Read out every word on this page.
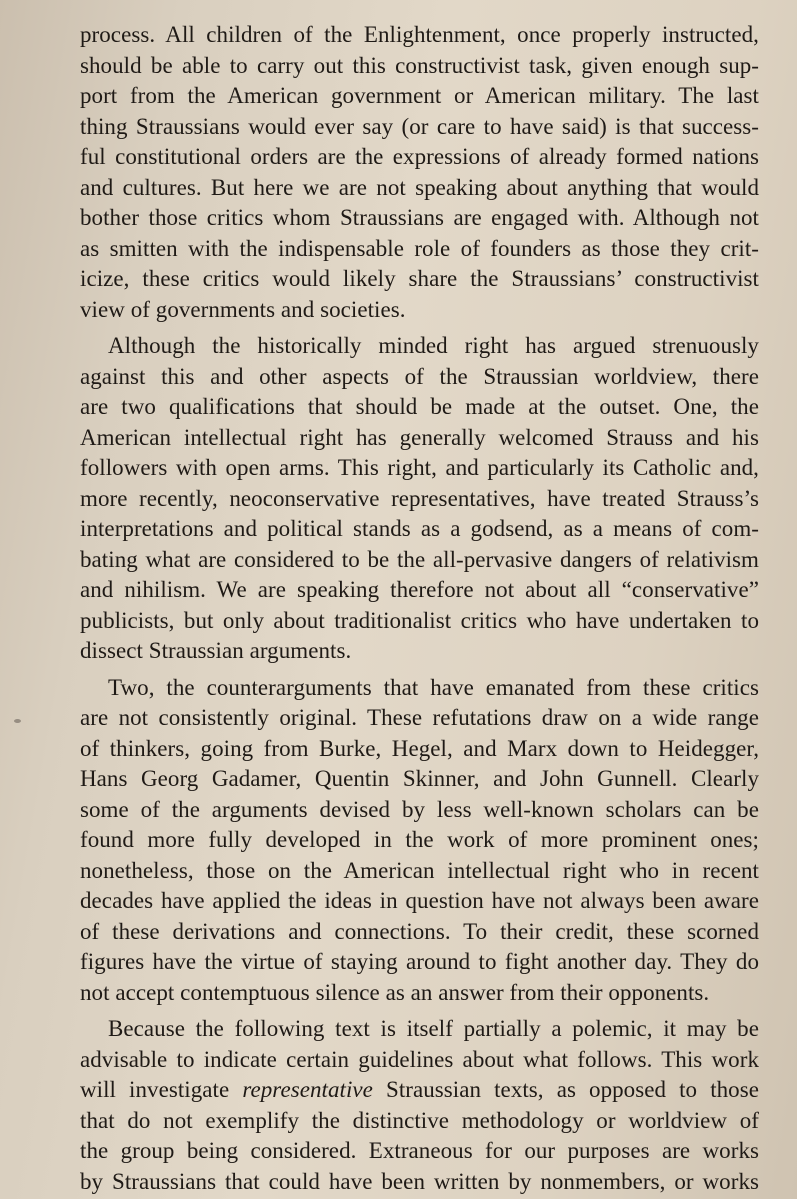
process. All children of the Enlightenment, once properly instructed,
should be able to carry out this constructivist task, given enough sup-
port from the American government or American military. The last
thing Straussians would ever say (or care to have said) is that success-
ful constitutional orders are the expressions of already formed nations
and cultures. But here we are not speaking about anything that would
bother those critics whom Straussians are engaged with. Although not
as smitten with the indispensable role of founders as those they crit-
icize, these critics would likely share the Straussians’ constructivist
view of governments and societies.
Although the historically minded right has argued strenuously
against this and other aspects of the Straussian worldview, there
are two qualifications that should be made at the outset. One, the
American intellectual right has generally welcomed Strauss and his
followers with open arms. This right, and particularly its Catholic and,
more recently, neoconservative representatives, have treated Strauss’s
interpretations and political stands as a godsend, as a means of com-
bating what are considered to be the all-pervasive dangers of relativism
and nihilism. We are speaking therefore not about all “conservative”
publicists, but only about traditionalist critics who have undertaken to
dissect Straussian arguments.
Two, the counterarguments that have emanated from these critics
are not consistently original. These refutations draw on a wide range
of thinkers, going from Burke, Hegel, and Marx down to Heidegger,
Hans Georg Gadamer, Quentin Skinner, and John Gunnell. Clearly
some of the arguments devised by less well-known scholars can be
found more fully developed in the work of more prominent ones;
nonetheless, those on the American intellectual right who in recent
decades have applied the ideas in question have not always been aware
of these derivations and connections. To their credit, these scorned
figures have the virtue of staying around to fight another day. They do
not accept contemptuous silence as an answer from their opponents.
Because the following text is itself partially a polemic, it may be
advisable to indicate certain guidelines about what follows. This work
will investigate representative Straussian texts, as opposed to those
that do not exemplify the distinctive methodology or worldview of
the group being considered. Extraneous for our purposes are works
by Straussians that could have been written by nonmembers, or works
